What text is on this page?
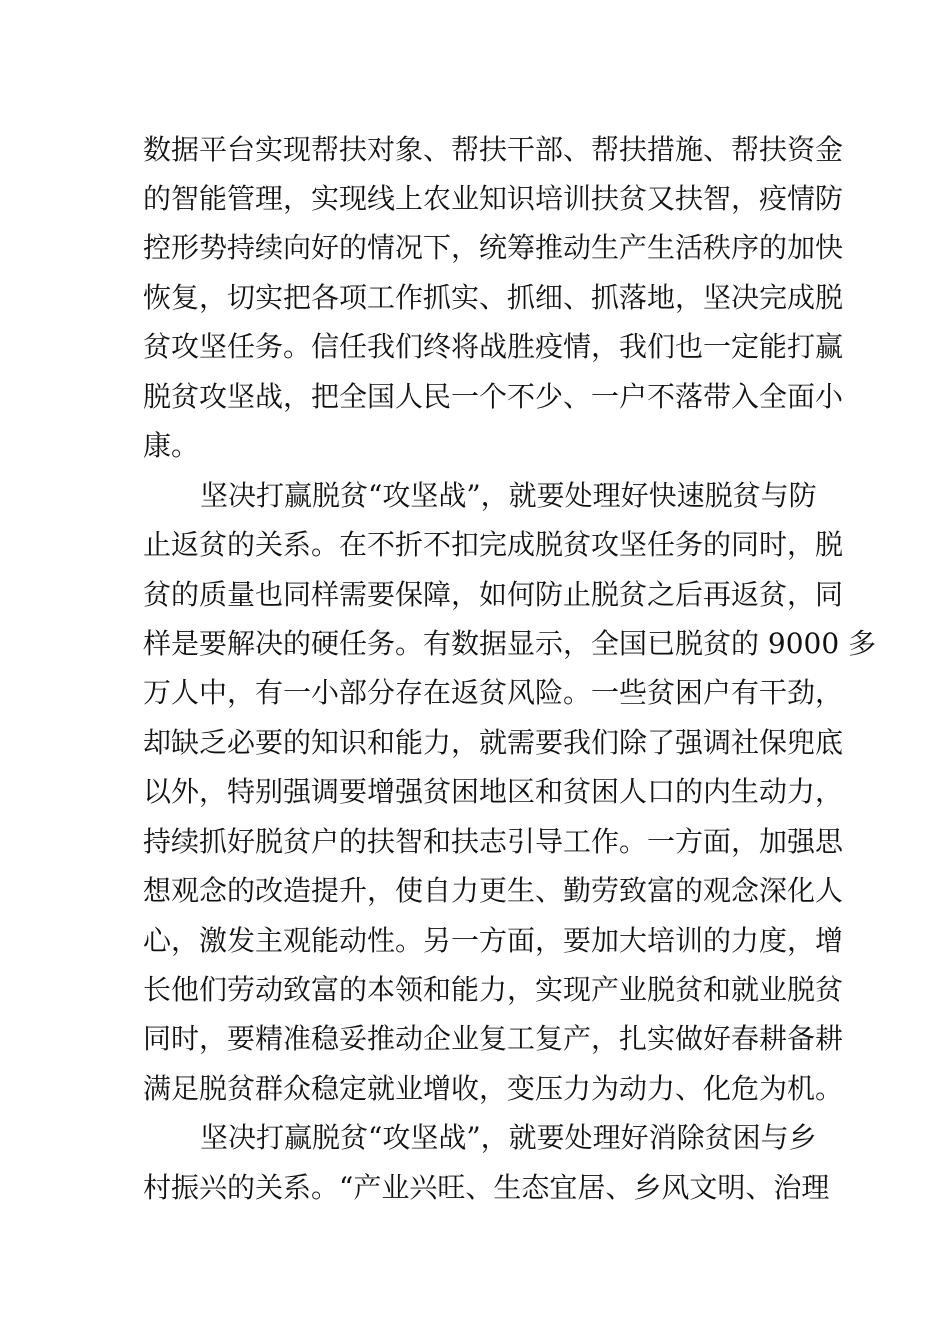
数据平台实现帮扶对象、帮扶干部、帮扶措施、帮扶资金
的智能管理，实现线上农业知识培训扶贫又扶智，疫情防
控形势持续向好的情况下，统筹推动生产生活秩序的加快
恢复，切实把各项工作抓实、抓细、抓落地，坚决完成脱
贫攻坚任务。信任我们终将战胜疫情，我们也一定能打赢
脱贫攻坚战，把全国人民一个不少、一户不落带入全面小
康。
坚决打赢脱贫“攻坚战”，就要处理好快速脱贫与防
止返贫的关系。在不折不扣完成脱贫攻坚任务的同时，脱
贫的质量也同样需要保障，如何防止脱贫之后再返贫，同
样是要解决的硬任务。有数据显示，全国已脱贫的 9000 多
万人中，有一小部分存在返贫风险。一些贫困户有干劲，
却缺乏必要的知识和能力，就需要我们除了强调社保兜底
以外，特别强调要增强贫困地区和贫困人口的内生动力，
持续抓好脱贫户的扶智和扶志引导工作。一方面，加强思
想观念的改造提升，使自力更生、勤劳致富的观念深化人
心，激发主观能动性。另一方面，要加大培训的力度，增
长他们劳动致富的本领和能力，实现产业脱贫和就业脱贫
同时，要精准稳妥推动企业复工复产，扎实做好春耕备耕
满足脱贫群众稳定就业增收，变压力为动力、化危为机。
坚决打赢脱贫“攻坚战”，就要处理好消除贫困与乡
村振兴的关系。“产业兴旺、生态宜居、乡风文明、治理
